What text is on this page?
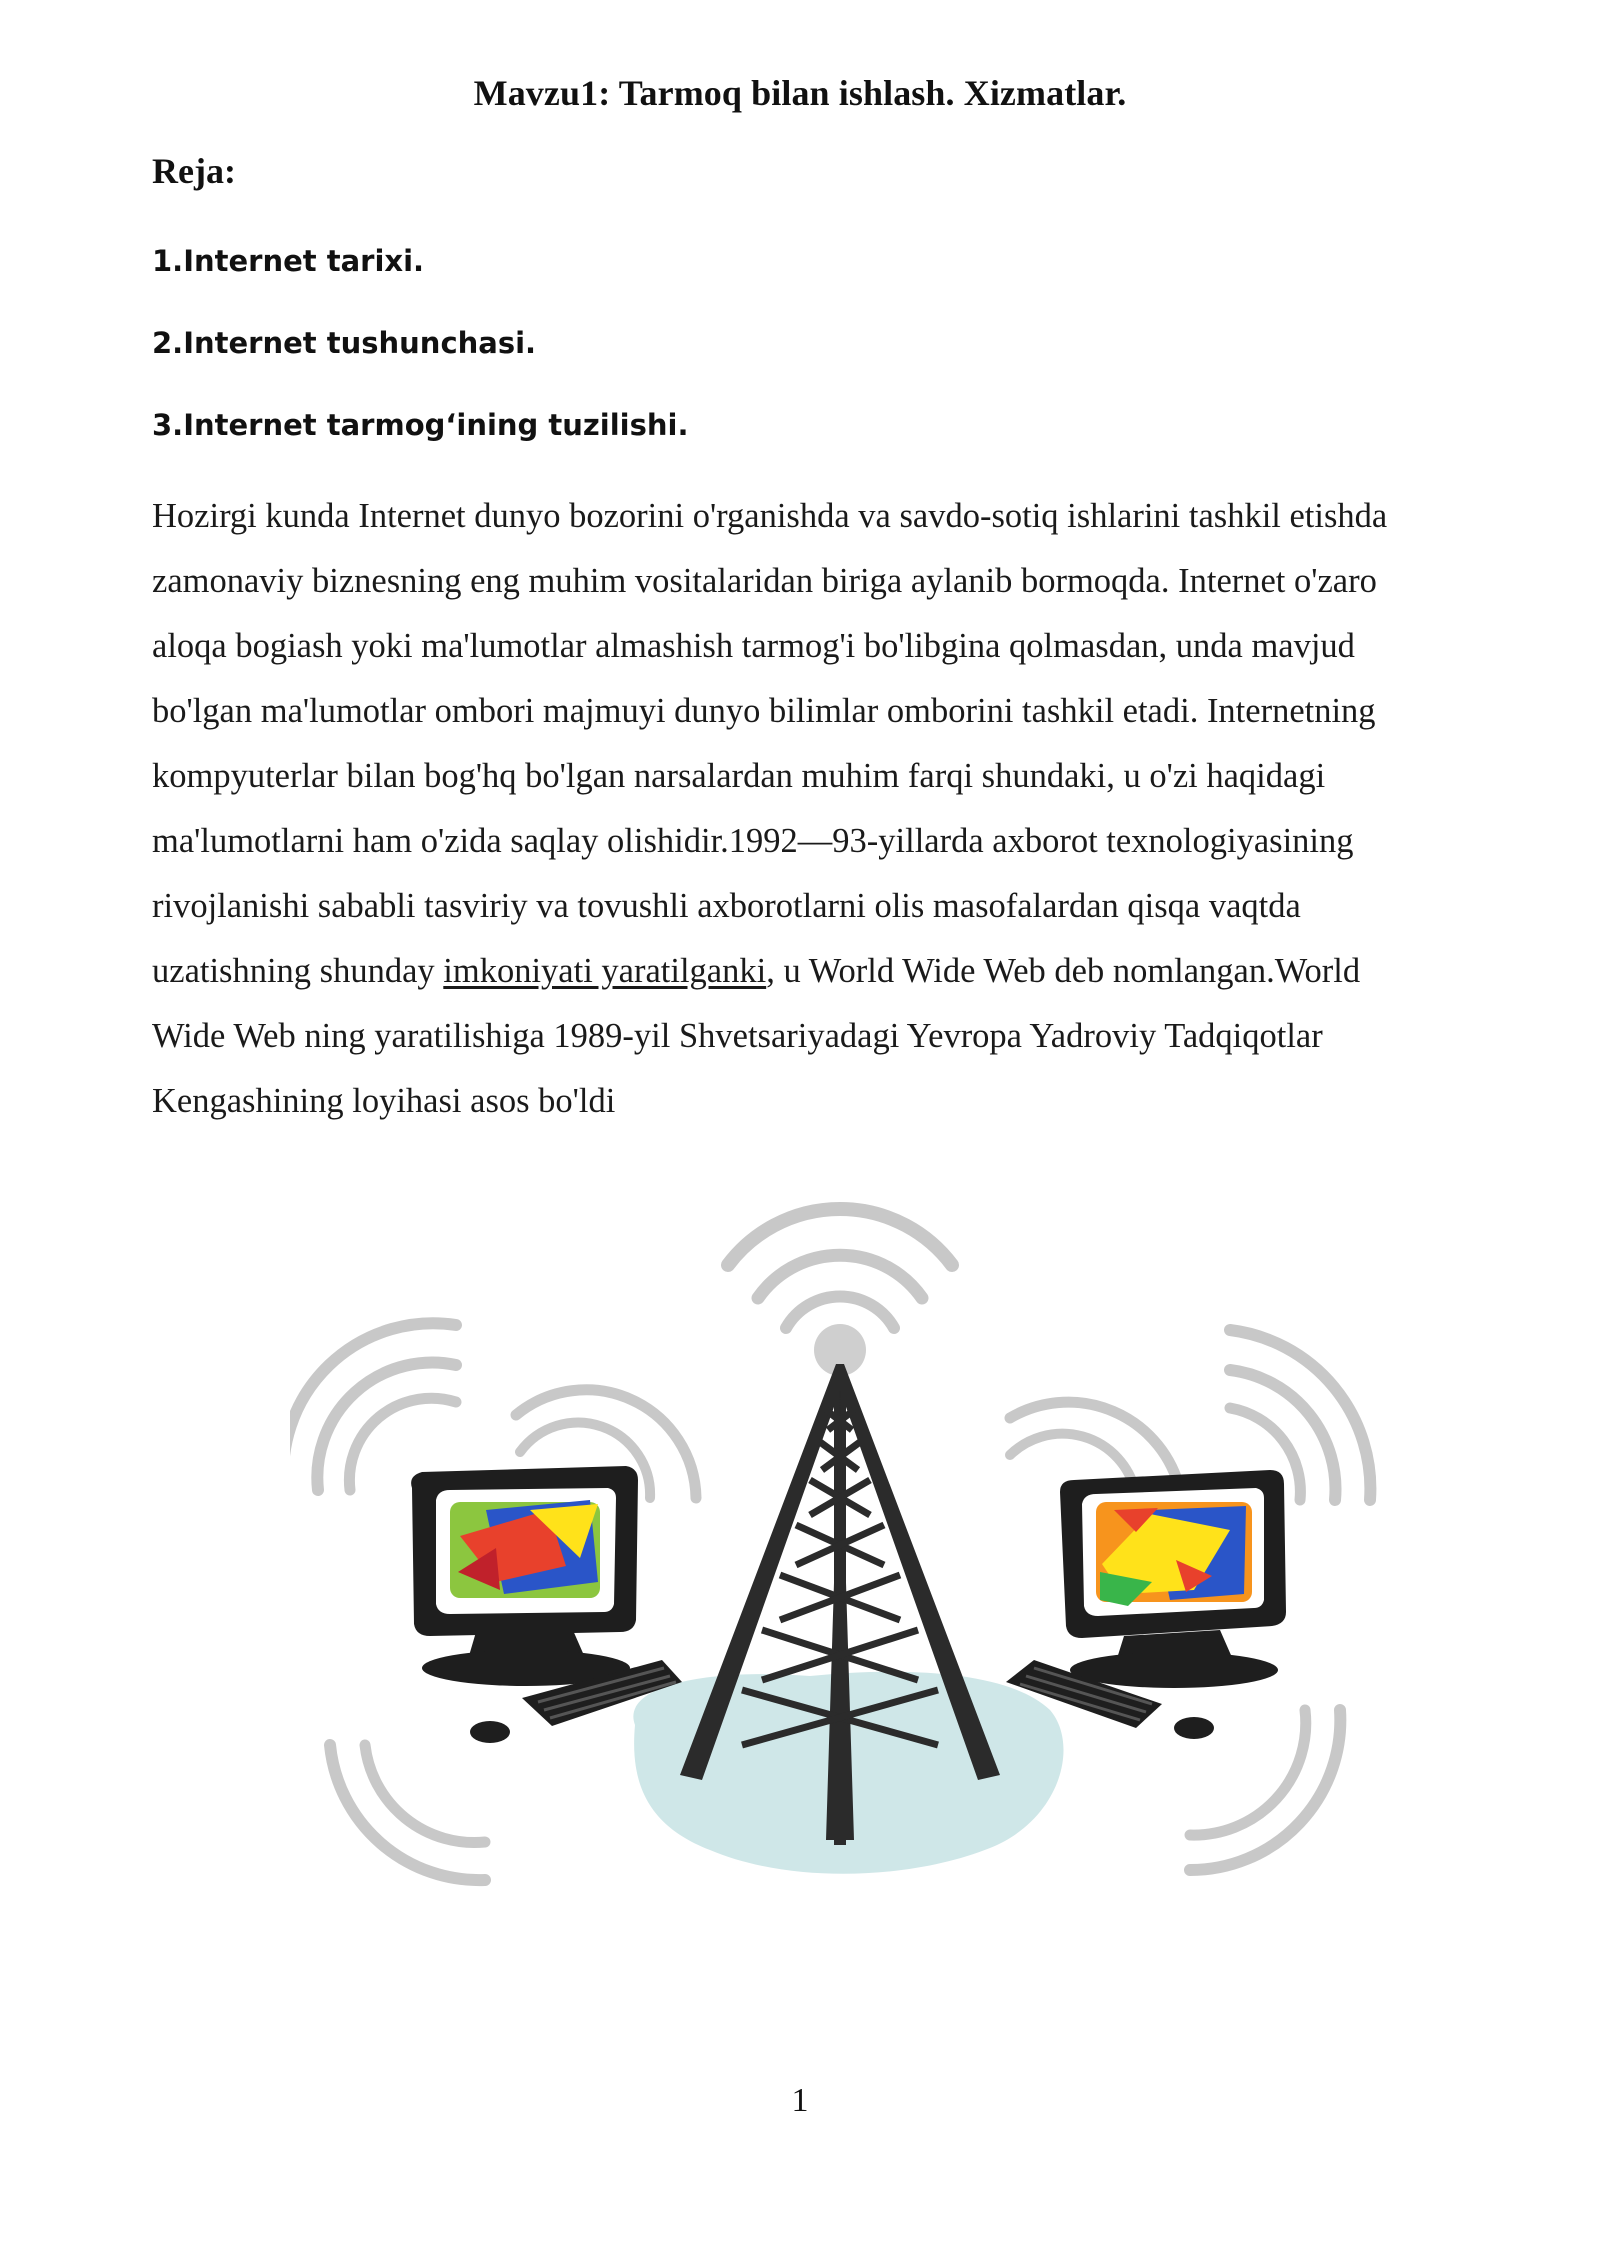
Mavzu1: Tarmoq bilan ishlash. Xizmatlar.
Reja:
1.Internet tarixi.
2.Internet tushunchasi.
3.Internet tarmog‘ining tuzilishi.
Hozirgi kunda Internet dunyo bozorini o'rganishda va savdo-sotiq ishlarini tashkil etishda
zamonaviy biznesning eng muhim vositalaridan biriga aylanib bormoqda. Internet o'zaro
aloqa bogiash yoki ma'lumotlar almashish tarmog'i bo'libgina qolmasdan, unda mavjud
bo'lgan ma'lumotlar ombori majmuyi dunyo bilimlar omborini tashkil etadi. Internetning
kompyuterlar bilan bog'hq bo'lgan narsalardan muhim farqi shundaki, u o'zi haqidagi
ma'lumotlarni ham o'zida saqlay olishidir.1992—93-yillarda axborot texnologiyasining
rivojlanishi sababli tasviriy va tovushli axborotlarni olis masofalardan qisqa vaqtda
uzatishning shunday imkoniyati yaratilganki, u World Wide Web deb nomlangan.World
Wide Web ning yaratilishiga 1989-yil Shvetsariyadagi Yevropa Yadroviy Tadqiqotlar
Kengashining loyihasi asos bo'ldi
1
